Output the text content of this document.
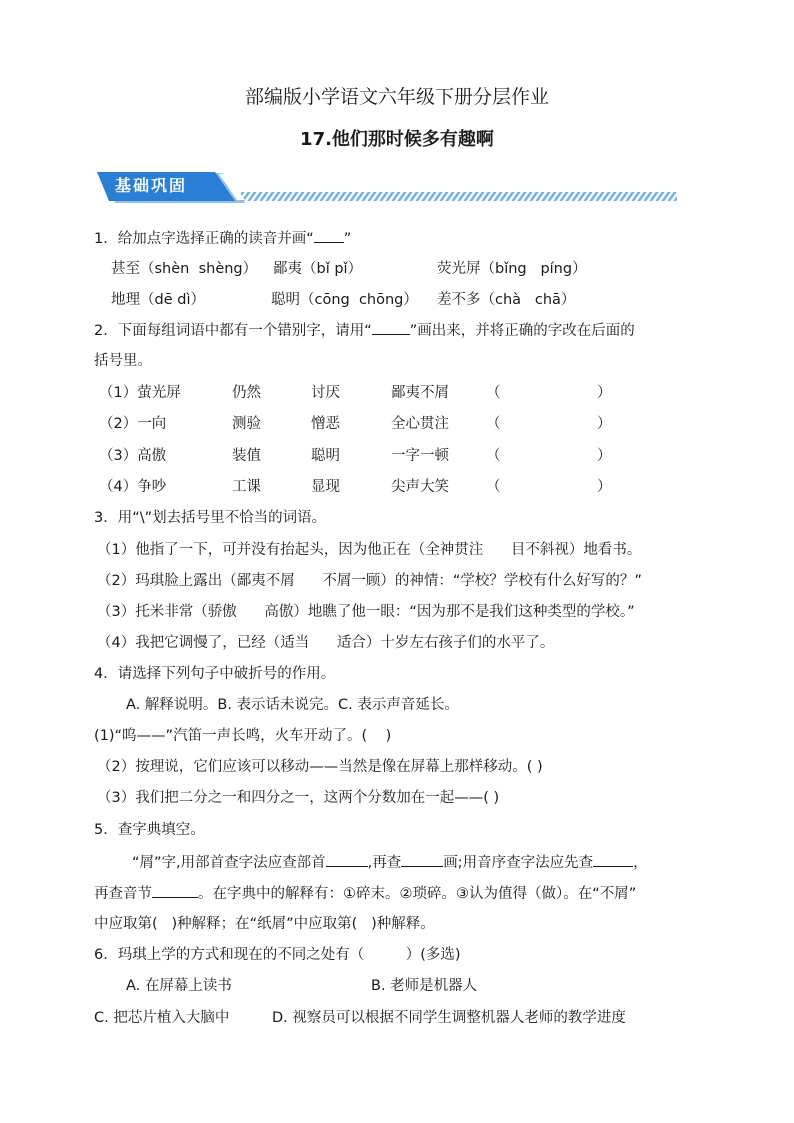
部编版小学语文六年级下册分层作业
17.他们那时候多有趣啊
基础巩固
1．给加点字选择正确的读音并画“ ”
甚至（shèn  shèng） 鄙夷（bǐ pǐ）	荧光屏（bǐng   píng）
地理（dē dì）	聪明（cōng  chōng） 差不多（chà   chā）
2．下面每组词语中都有一个错别字，请用“	”画出来，并将正确的字改在后面的
括号里。
（1）萤光屏	仍然	讨厌	鄙夷不屑	（	）
（2）一向	测验	憎恶	全心贯注	（	）
（3）高傲	装值	聪明	一字一顿	（	）
（4）争吵	工课	显现	尖声大笑	（	）
3．用“\”划去括号里不恰当的词语。
（1）他指了一下，可并没有抬起头，因为他正在（全神贯注      目不斜视）地看书。
（2）玛琪脸上露出（鄙夷不屑      不屑一顾）的神情：“学校？学校有什么好写的？”
（3）托米非常（骄傲      高傲）地瞧了他一眼：“因为那不是我们这种类型的学校。”
（4）我把它调慢了，已经（适当      适合）十岁左右孩子们的水平了。
4．请选择下列句子中破折号的作用。
A. 解释说明。B. 表示话未说完。C. 表示声音延长。
(1)“呜——”汽笛一声长鸣，火车开动了。(    )
（2）按理说，它们应该可以移动——当然是像在屏幕上那样移动。( )
（3）我们把二分之一和四分之一，这两个分数加在一起——( )
5．查字典填空。
“屑”字,用部首查字法应查部首	,再查	画;用音序查字法应先查	，
再查音节	。在字典中的解释有：①碎末。②琐碎。③认为值得（做）。在“不屑”
中应取第(   )种解释；在“纸屑”中应取第(   )种解释。
6．玛琪上学的方式和现在的不同之处有（         ）(多选)
A. 在屏幕上读书	B. 老师是机器人
C. 把芯片植入大脑中	D. 视察员可以根据不同学生调整机器人老师的教学进度
